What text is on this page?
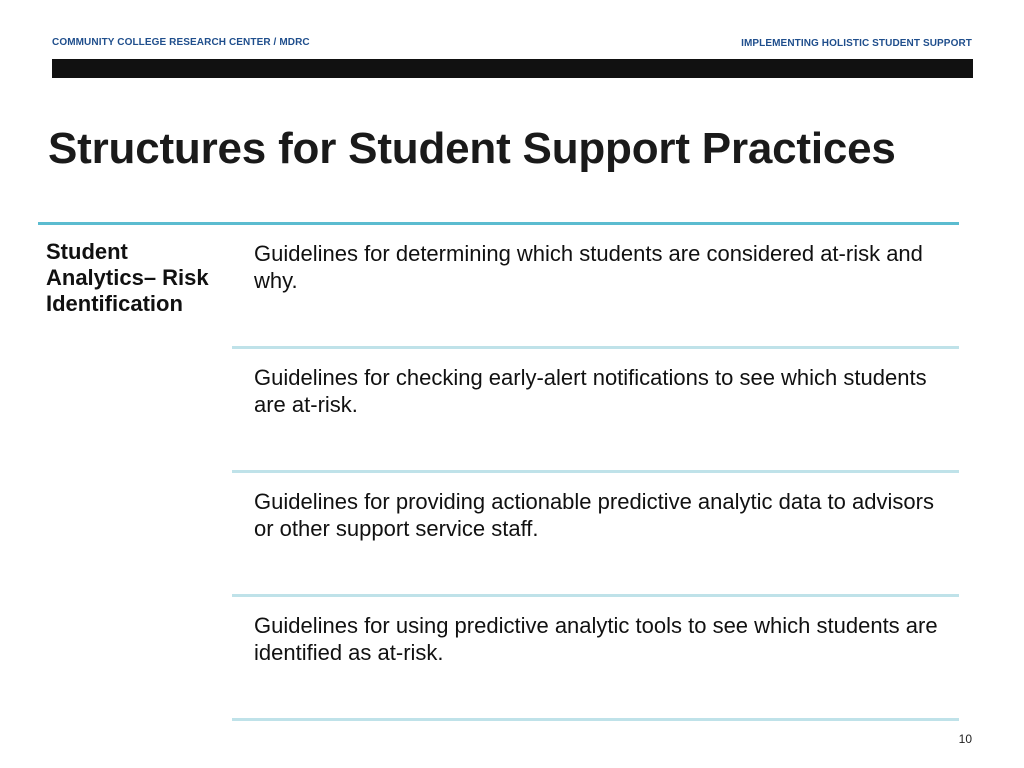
COMMUNITY COLLEGE RESEARCH CENTER / MDRC	IMPLEMENTING HOLISTIC STUDENT SUPPORT
Structures for Student Support Practices
Student Analytics– Risk Identification
Guidelines for determining which students are considered at-risk and why.
Guidelines for checking early-alert notifications to see which students are at-risk.
Guidelines for providing actionable predictive analytic data to advisors or other support service staff.
Guidelines for using predictive analytic tools to see which students are identified as at-risk.
10
